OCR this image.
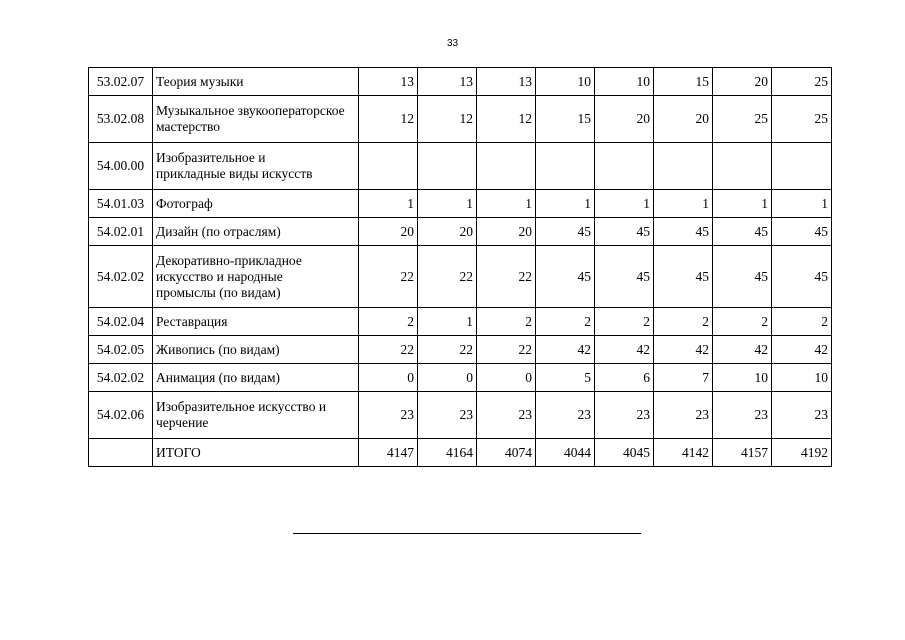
33
53.02.07	Теория музыки	13	13	13	10	10	15	20	25
53.02.08	Музыкальное звукооператорское мастерство	12	12	12	15	20	20	25	25
54.00.00	Изобразительное и прикладные виды искусств								

54.01.03	Фотограф	1	1	1	1	1	1	1	1
54.02.01	Дизайн (по отраслям)	20	20	20	45	45	45	45	45
54.02.02	Декоративно-прикладное искусство и народные промыслы (по видам)	22	22	22	45	45	45	45	45
54.02.04	Реставрация	2	1	2	2	2	2	2	2
54.02.05	Живопись (по видам)	22	22	22	42	42	42	42	42
54.02.02	Анимация (по видам)	0	0	0	5	6	7	10	10
54.02.06	Изобразительное искусство и черчение	23	23	23	23	23	23	23	23

	ИТОГО	4147	4164	4074	4044	4045	4142	4157	4192
